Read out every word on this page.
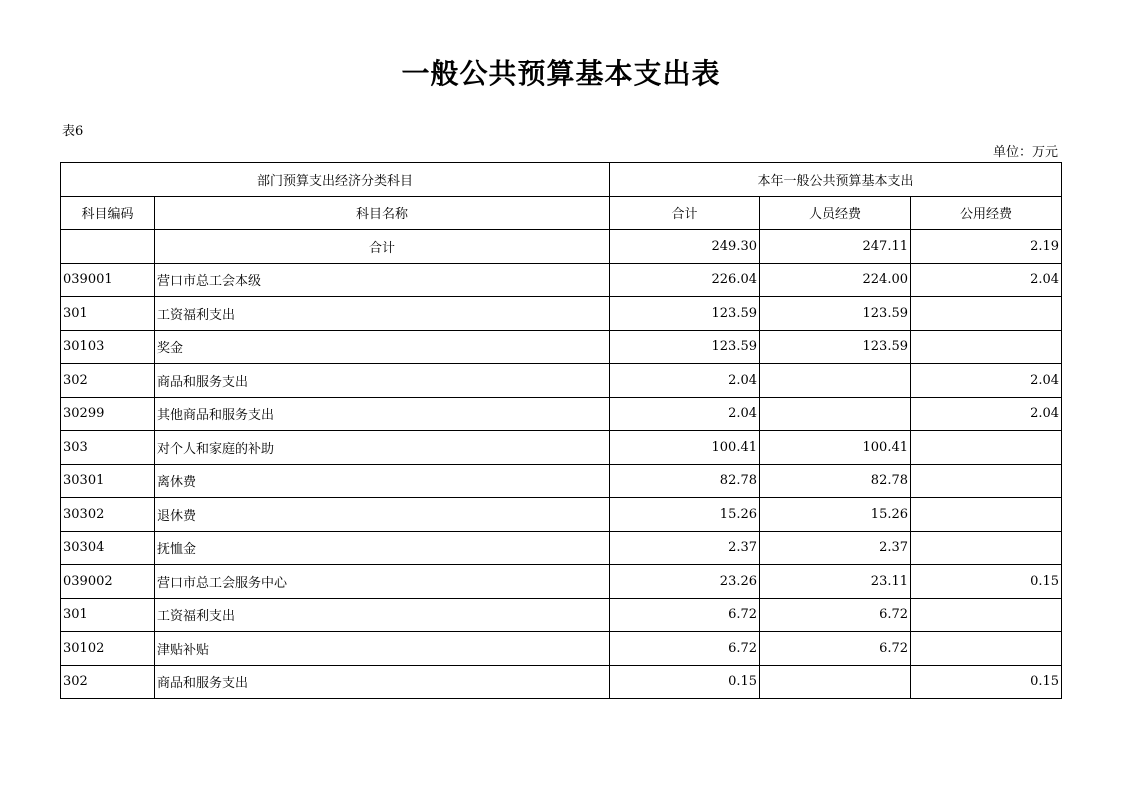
一般公共预算基本支出表
表6
单位：万元
部门预算支出经济分类科目		本年一般公共预算基本支出		
科目编码	科目名称	合计	人员经费	公用经费
	合计	249.30	247.11	2.19
039001	营口市总工会本级	226.04	224.00	2.04
301	工资福利支出	123.59	123.59	
30103	奖金	123.59	123.59	
302	商品和服务支出	2.04		2.04
30299	其他商品和服务支出	2.04		2.04
303	对个人和家庭的补助	100.41	100.41	
30301	离休费	82.78	82.78	
30302	退休费	15.26	15.26	
30304	抚恤金	2.37	2.37	
039002	营口市总工会服务中心	23.26	23.11	0.15
301	工资福利支出	6.72	6.72	
30102	津贴补贴	6.72	6.72	
302	商品和服务支出	0.15		0.15
